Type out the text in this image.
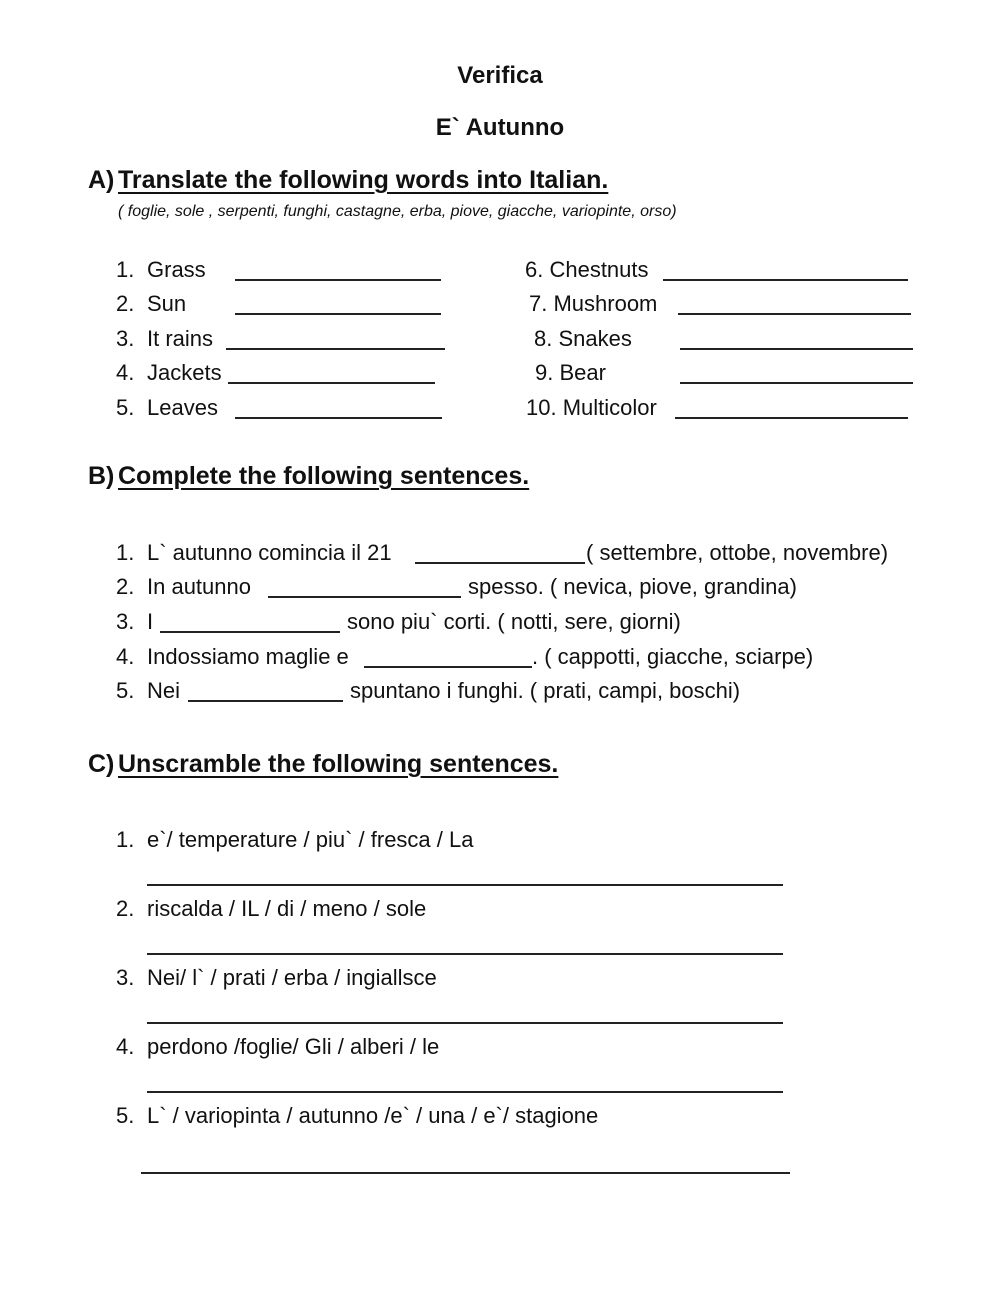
Verifica
E` Autunno
A) Translate the following words into Italian.
( foglie, sole , serpenti, funghi, castagne, erba, piove, giacche, variopinte, orso)
1. Grass
2. Sun
3. It rains
4. Jackets
5. Leaves
6. Chestnuts
7. Mushroom
8. Snakes
9. Bear
10. Multicolor
B) Complete the following sentences.
1. L` autunno comincia il 21	( settembre, ottobe, novembre)
2. In autunno	spesso. ( nevica, piove, grandina)
3. I	sono piu` corti. ( notti, sere, giorni)
4. Indossiamo maglie e	. ( cappotti, giacche, sciarpe)
5. Nei	spuntano i funghi. ( prati, campi, boschi)
C) Unscramble the following sentences.
1. e`/ temperature / piu` / fresca / La
2. riscalda / IL / di / meno / sole
3. Nei/ l` / prati / erba / ingiallsce
4. perdono /foglie/ Gli / alberi / le
5. L` / variopinta / autunno /e` / una / e`/ stagione
